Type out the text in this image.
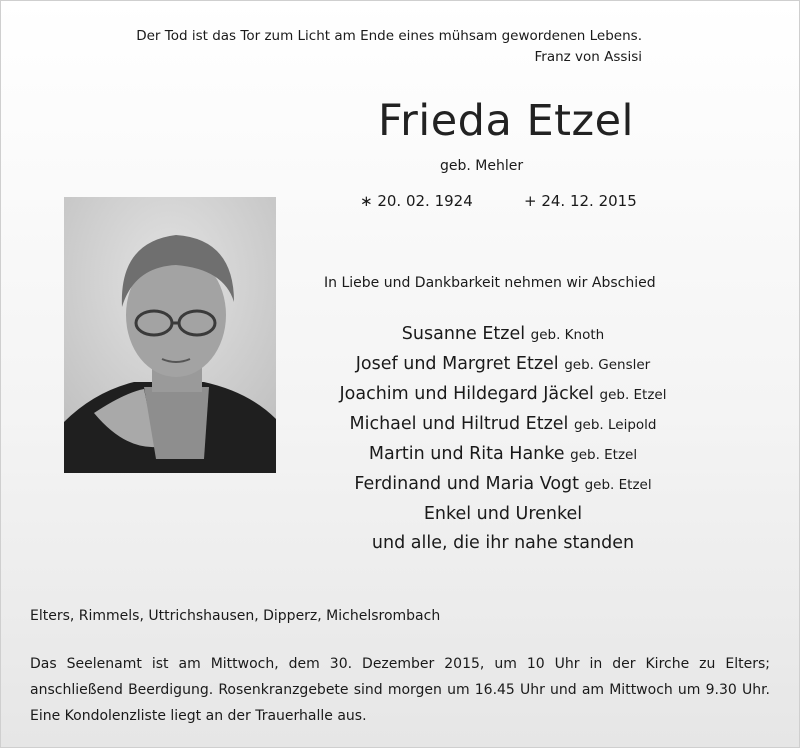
Der Tod ist das Tor zum Licht am Ende eines mühsam gewordenen Lebens.
Franz von Assisi
Frieda Etzel
geb. Mehler
∗ 20. 02. 1924	+ 24. 12. 2015
In Liebe und Dankbarkeit nehmen wir Abschied
Susanne Etzel geb. Knoth
Josef und Margret Etzel geb. Gensler
Joachim und Hildegard Jäckel geb. Etzel
Michael und Hiltrud Etzel geb. Leipold
Martin und Rita Hanke geb. Etzel
Ferdinand und Maria Vogt geb. Etzel
Enkel und Urenkel
und alle, die ihr nahe standen
Elters, Rimmels, Uttrichshausen, Dipperz, Michelsrombach
Das Seelenamt ist am Mittwoch, dem 30. Dezember 2015, um 10 Uhr in der Kirche zu Elters; anschließend Beerdigung. Rosenkranzgebete sind morgen um 16.45 Uhr und am Mittwoch um 9.30 Uhr. Eine Kondolenzliste liegt an der Trauerhalle aus.
